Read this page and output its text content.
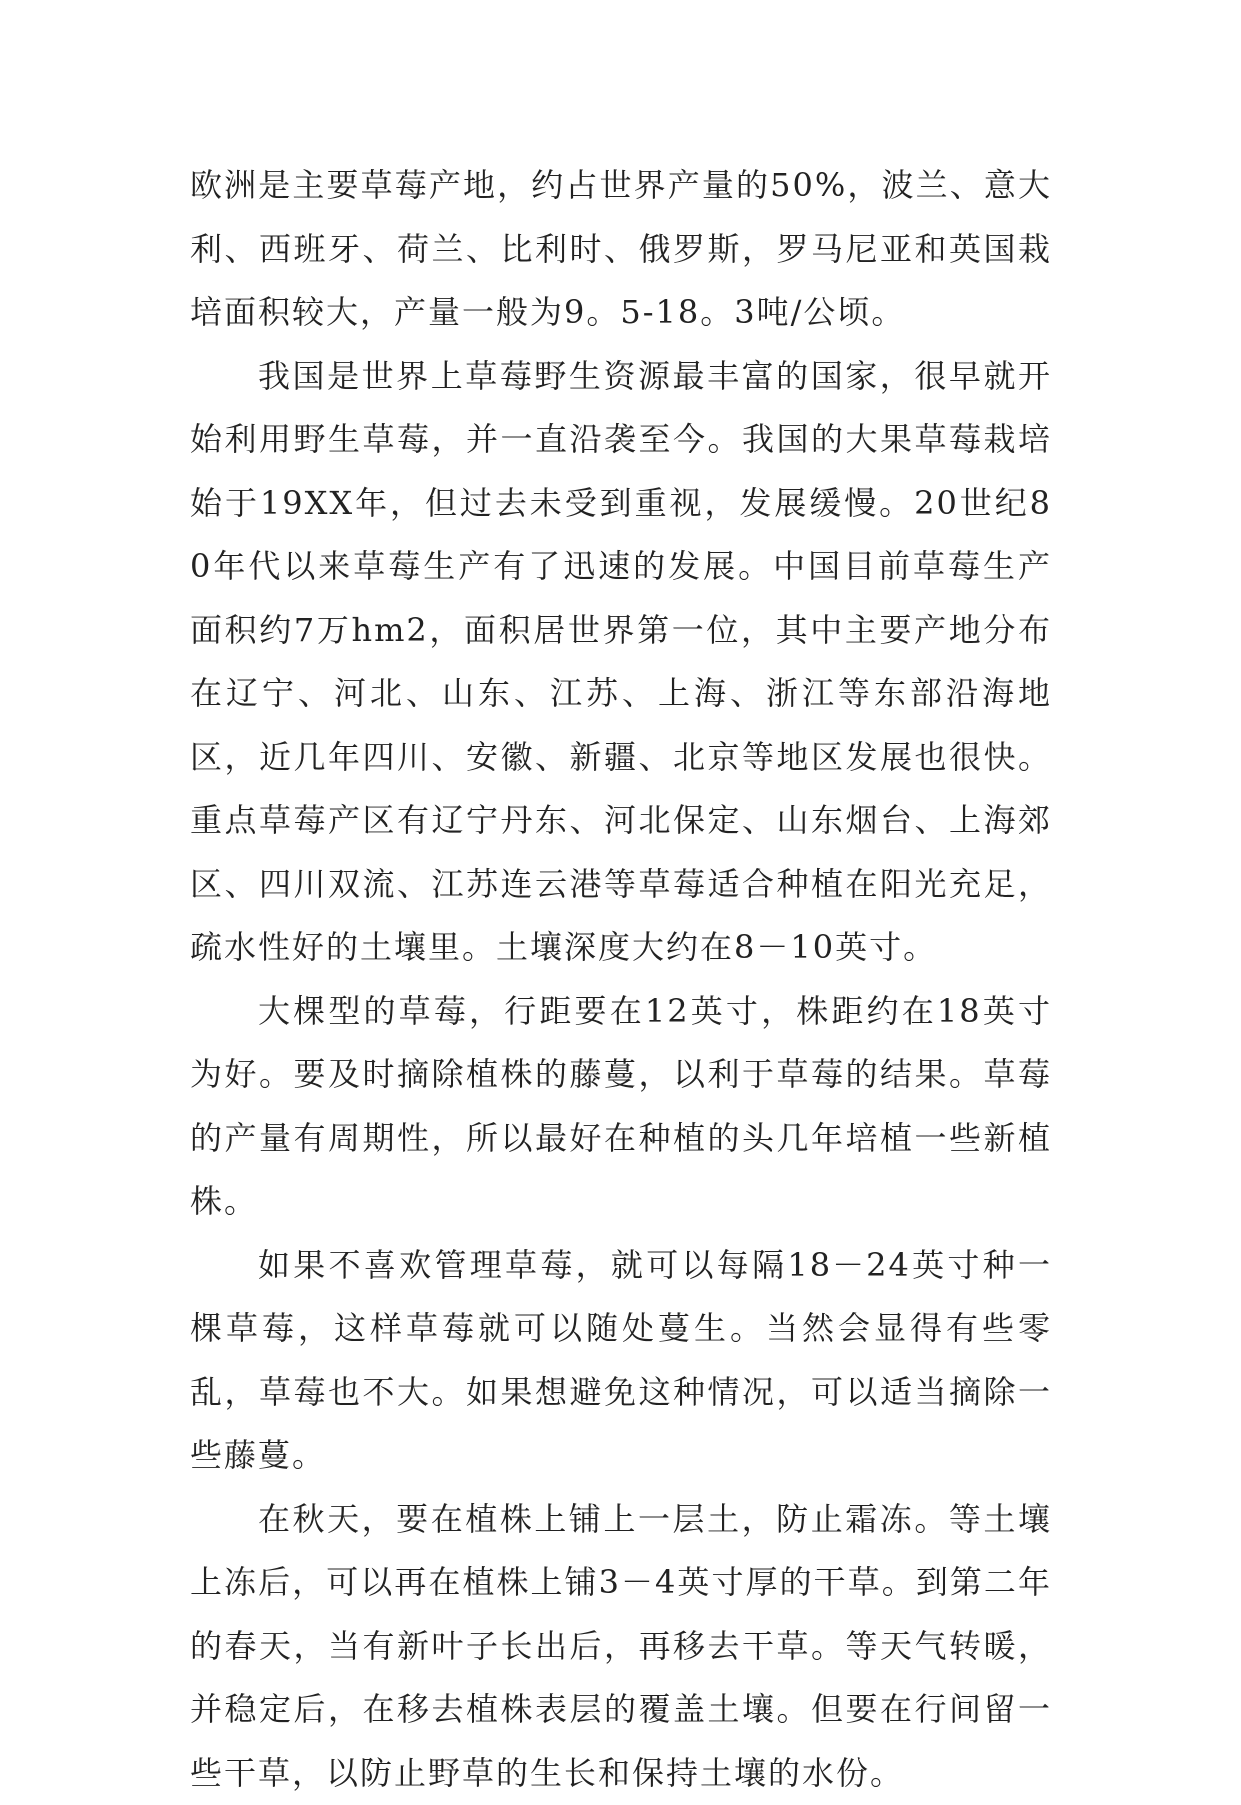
欧洲是主要草莓产地，约占世界产量的50%，波兰、意大利、西班牙、荷兰、比利时、俄罗斯，罗马尼亚和英国栽培面积较大，产量一般为9。5-18。3吨/公顷。

我国是世界上草莓野生资源最丰富的国家，很早就开始利用野生草莓，并一直沿袭至今。我国的大果草莓栽培始于19XX年，但过去未受到重视，发展缓慢。20世纪80年代以来草莓生产有了迅速的发展。中国目前草莓生产面积约7万hm2，面积居世界第一位，其中主要产地分布在辽宁、河北、山东、江苏、上海、浙江等东部沿海地区，近几年四川、安徽、新疆、北京等地区发展也很快。重点草莓产区有辽宁丹东、河北保定、山东烟台、上海郊区、四川双流、江苏连云港等草莓适合种植在阳光充足，疏水性好的土壤里。土壤深度大约在8－10英寸。

大棵型的草莓，行距要在12英寸，株距约在18英寸为好。要及时摘除植株的藤蔓，以利于草莓的结果。草莓的产量有周期性，所以最好在种植的头几年培植一些新植株。

如果不喜欢管理草莓，就可以每隔18－24英寸种一棵草莓，这样草莓就可以随处蔓生。当然会显得有些零乱，草莓也不大。如果想避免这种情况，可以适当摘除一些藤蔓。

在秋天，要在植株上铺上一层土，防止霜冻。等土壤上冻后，可以再在植株上铺3－4英寸厚的干草。到第二年的春天，当有新叶子长出后，再移去干草。等天气转暖，并稳定后，在移去植株表层的覆盖土壤。但要在行间留一些干草，以防止野草的生长和保持土壤的水份。
